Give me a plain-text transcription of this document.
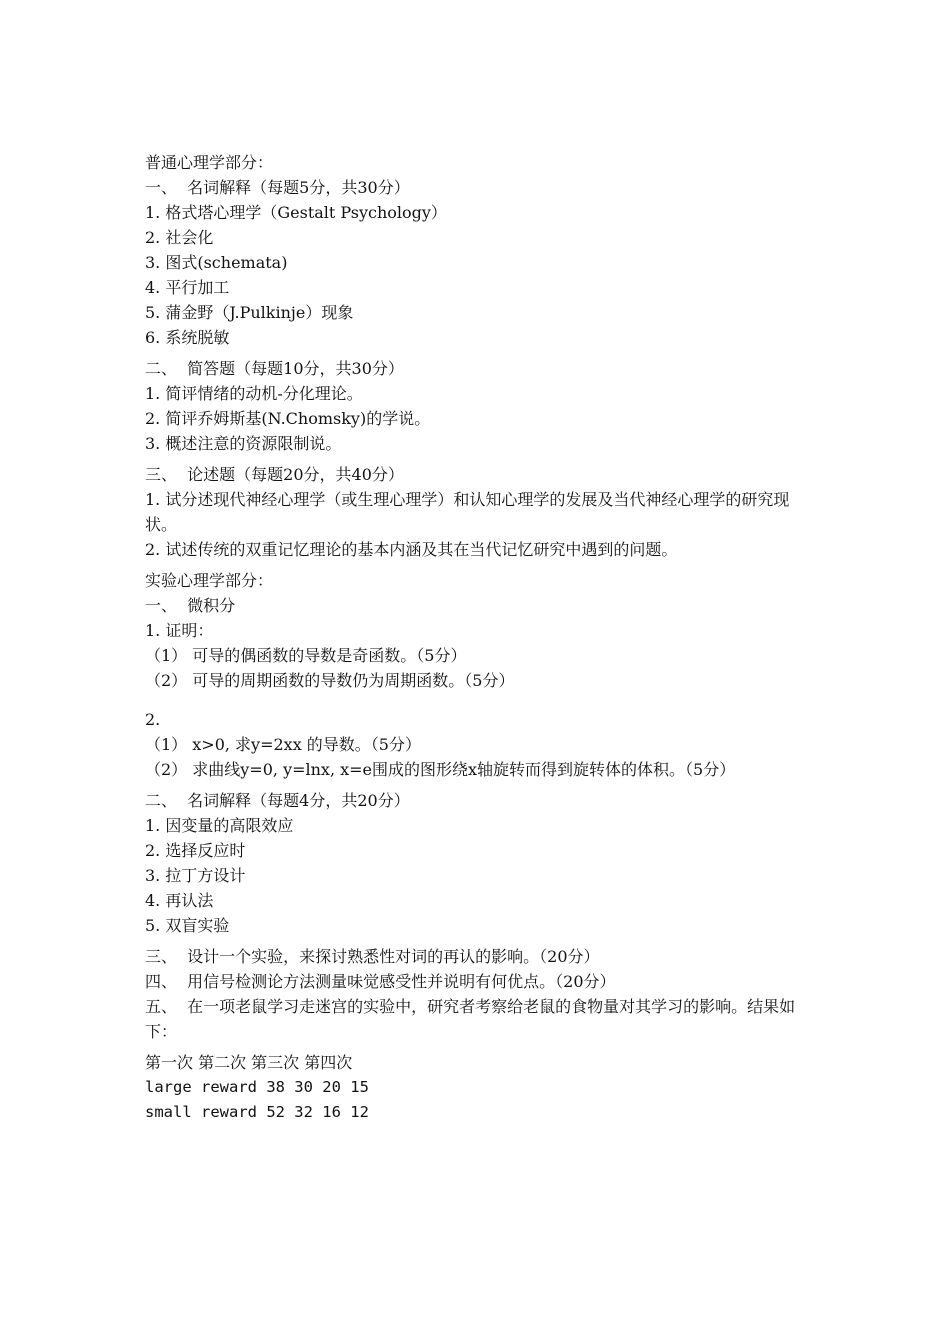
普通心理学部分：
一、  名词解释（每题5分，共30分）
1. 格式塔心理学（Gestalt Psychology）
2. 社会化
3. 图式(schemata)
4. 平行加工
5. 蒲金野（J.Pulkinje）现象
6. 系统脱敏
二、  简答题（每题10分，共30分）
1. 简评情绪的动机-分化理论。
2. 简评乔姆斯基(N.Chomsky)的学说。
3. 概述注意的资源限制说。
三、  论述题（每题20分，共40分）
1. 试分述现代神经心理学（或生理心理学）和认知心理学的发展及当代神经心理学的研究现状。
2. 试述传统的双重记忆理论的基本内涵及其在当代记忆研究中遇到的问题。
实验心理学部分：
一、  微积分
1. 证明：
（1） 可导的偶函数的导数是奇函数。（5分）
（2） 可导的周期函数的导数仍为周期函数。（5分）
2.
（1） x>0, 求y=2xx 的导数。（5分）
（2） 求曲线y=0, y=lnx, x=e围成的图形绕x轴旋转而得到旋转体的体积。（5分）
二、  名词解释（每题4分，共20分）
1. 因变量的高限效应
2. 选择反应时
3. 拉丁方设计
4. 再认法
5. 双盲实验
三、  设计一个实验，来探讨熟悉性对词的再认的影响。（20分）
四、  用信号检测论方法测量味觉感受性并说明有何优点。（20分）
五、  在一项老鼠学习走迷宫的实验中，研究者考察给老鼠的食物量对其学习的影响。结果如下：
第一次 第二次 第三次 第四次
large reward 38 30 20 15
small reward 52 32 16 12
